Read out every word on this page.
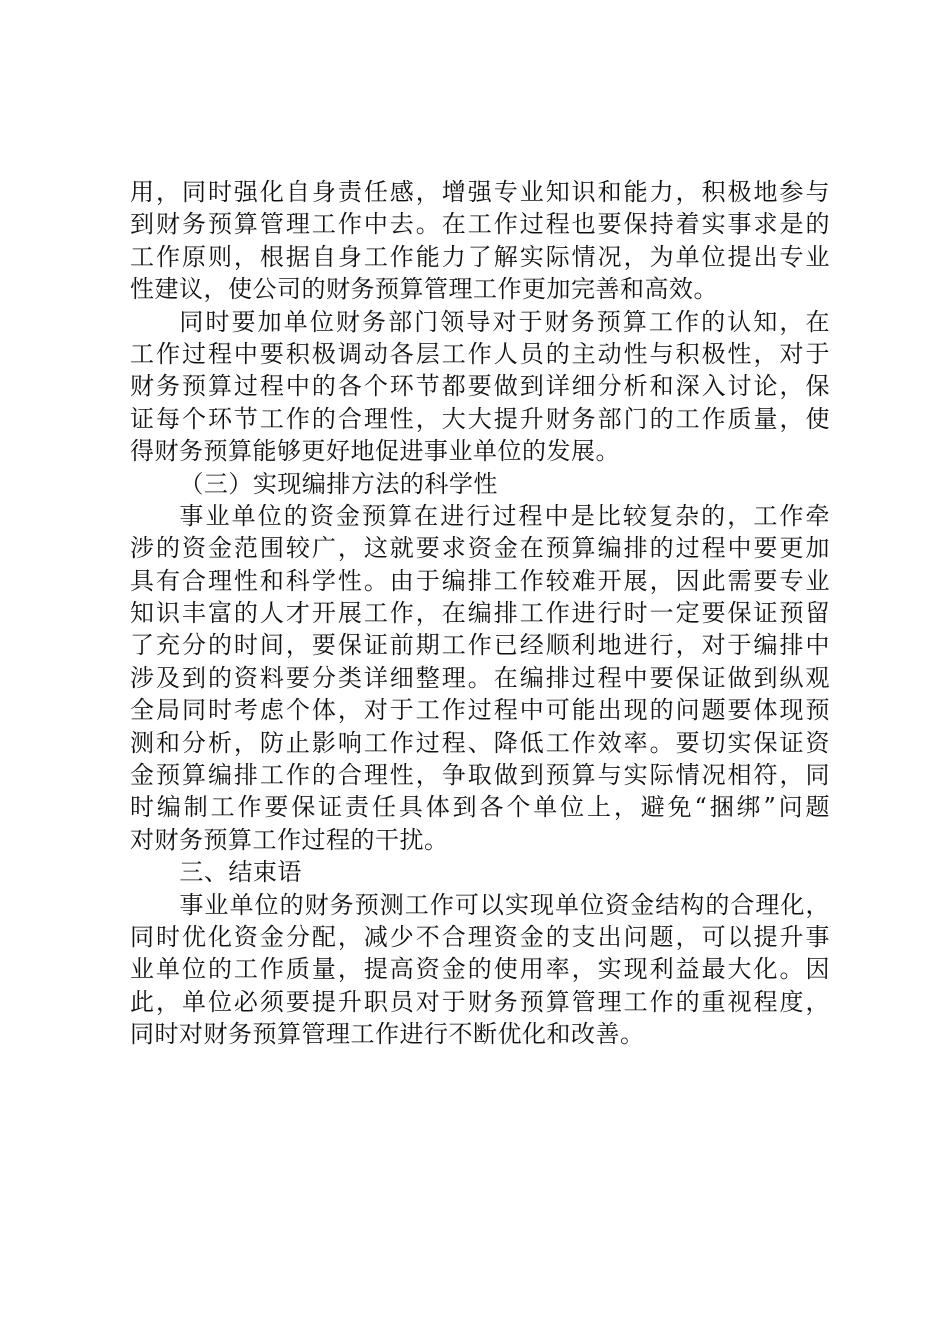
用，同时强化自身责任感，增强专业知识和能力，积极地参与
到财务预算管理工作中去。在工作过程也要保持着实事求是的
工作原则，根据自身工作能力了解实际情况，为单位提出专业
性建议，使公司的财务预算管理工作更加完善和高效。
同时要加单位财务部门领导对于财务预算工作的认知，在
工作过程中要积极调动各层工作人员的主动性与积极性，对于
财务预算过程中的各个环节都要做到详细分析和深入讨论，保
证每个环节工作的合理性，大大提升财务部门的工作质量，使
得财务预算能够更好地促进事业单位的发展。
（三）实现编排方法的科学性
事业单位的资金预算在进行过程中是比较复杂的，工作牵
涉的资金范围较广，这就要求资金在预算编排的过程中要更加
具有合理性和科学性。由于编排工作较难开展，因此需要专业
知识丰富的人才开展工作，在编排工作进行时一定要保证预留
了充分的时间，要保证前期工作已经顺利地进行，对于编排中
涉及到的资料要分类详细整理。在编排过程中要保证做到纵观
全局同时考虑个体，对于工作过程中可能出现的问题要体现预
测和分析，防止影响工作过程、降低工作效率。要切实保证资
金预算编排工作的合理性，争取做到预算与实际情况相符，同
时编制工作要保证责任具体到各个单位上，避免“捆绑”问题
对财务预算工作过程的干扰。
三、结束语
事业单位的财务预测工作可以实现单位资金结构的合理化，
同时优化资金分配，减少不合理资金的支出问题，可以提升事
业单位的工作质量，提高资金的使用率，实现利益最大化。因
此，单位必须要提升职员对于财务预算管理工作的重视程度，
同时对财务预算管理工作进行不断优化和改善。
